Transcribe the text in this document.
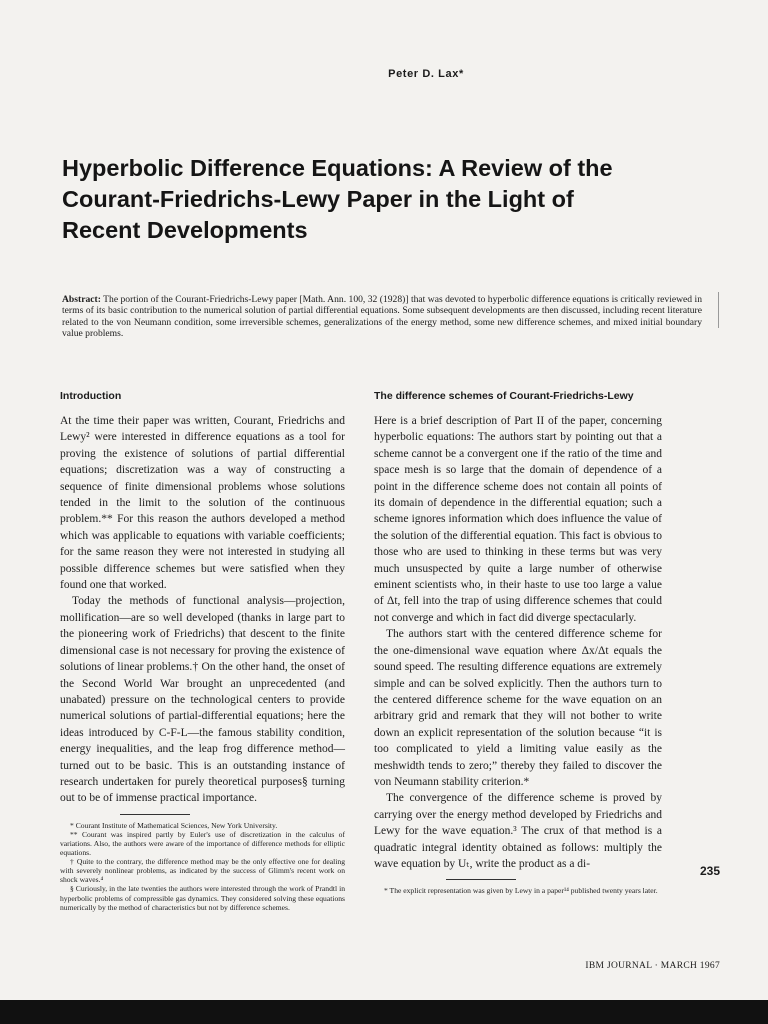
Peter D. Lax*
Hyperbolic Difference Equations: A Review of the
Courant-Friedrichs-Lewy Paper in the Light of
Recent Developments
Abstract: The portion of the Courant-Friedrichs-Lewy paper [Math. Ann. 100, 32 (1928)] that was devoted to hyperbolic difference equations is critically reviewed in terms of its basic contribution to the numerical solution of partial differential equations. Some subsequent developments are then discussed, including recent literature related to the von Neumann condition, some irreversible schemes, generalizations of the energy method, some new difference schemes, and mixed initial boundary value problems.
Introduction

At the time their paper was written, Courant, Friedrichs and Lewy² were interested in difference equations as a tool for proving the existence of solutions of partial differential equations; discretization was a way of constructing a sequence of finite dimensional problems whose solutions tended in the limit to the solution of the continuous problem.** For this reason the authors developed a method which was applicable to equations with variable coefficients; for the same reason they were not interested in studying all possible difference schemes but were satisfied when they found one that worked.

Today the methods of functional analysis—projection, mollification—are so well developed (thanks in large part to the pioneering work of Friedrichs) that descent to the finite dimensional case is not necessary for proving the existence of solutions of linear problems.† On the other hand, the onset of the Second World War brought an unprecedented (and unabated) pressure on the technological centers to provide numerical solutions of partial-differential equations; here the ideas introduced by C-F-L—the famous stability condition, energy inequalities, and the leap frog difference method—turned out to be basic. This is an outstanding instance of research undertaken for purely theoretical purposes§ turning out to be of immense practical importance.

* Courant Institute of Mathematical Sciences, New York University.

** Courant was inspired partly by Euler's use of discretization in the calculus of variations. Also, the authors were aware of the importance of difference methods for elliptic equations.

† Quite to the contrary, the difference method may be the only effective one for dealing with severely nonlinear problems, as indicated by the success of Glimm's recent work on shock waves.⁴

§ Curiously, in the late twenties the authors were interested through the work of Prandtl in hyperbolic problems of compressible gas dynamics. They considered solving these equations numerically by the method of characteristics but not by difference schemes.

The difference schemes of Courant-Friedrichs-Lewy

Here is a brief description of Part II of the paper, concerning hyperbolic equations: The authors start by pointing out that a scheme cannot be a convergent one if the ratio of the time and space mesh is so large that the domain of dependence of a point in the difference scheme does not contain all points of its domain of dependence in the differential equation; such a scheme ignores information which does influence the value of the solution of the differential equation. This fact is obvious to those who are used to thinking in these terms but was very much unsuspected by quite a large number of otherwise eminent scientists who, in their haste to use too large a value of Δt, fell into the trap of using difference schemes that could not converge and which in fact did diverge spectacularly.

The authors start with the centered difference scheme for the one-dimensional wave equation where Δx/Δt equals the sound speed. The resulting difference equations are extremely simple and can be solved explicitly. Then the authors turn to the centered difference scheme for the wave equation on an arbitrary grid and remark that they will not bother to write down an explicit representation of the solution because “it is too complicated to yield a limiting value easily as the meshwidth tends to zero;” thereby they failed to discover the von Neumann stability criterion.*

The convergence of the difference scheme is proved by carrying over the energy method developed by Friedrichs and Lewy for the wave equation.³ The crux of that method is a quadratic integral identity obtained as follows: multiply the wave equation by Uₜ, write the product as a di-

* The explicit representation was given by Lewy in a paper¹⁴ published twenty years later.

235
IBM JOURNAL · MARCH 1967
